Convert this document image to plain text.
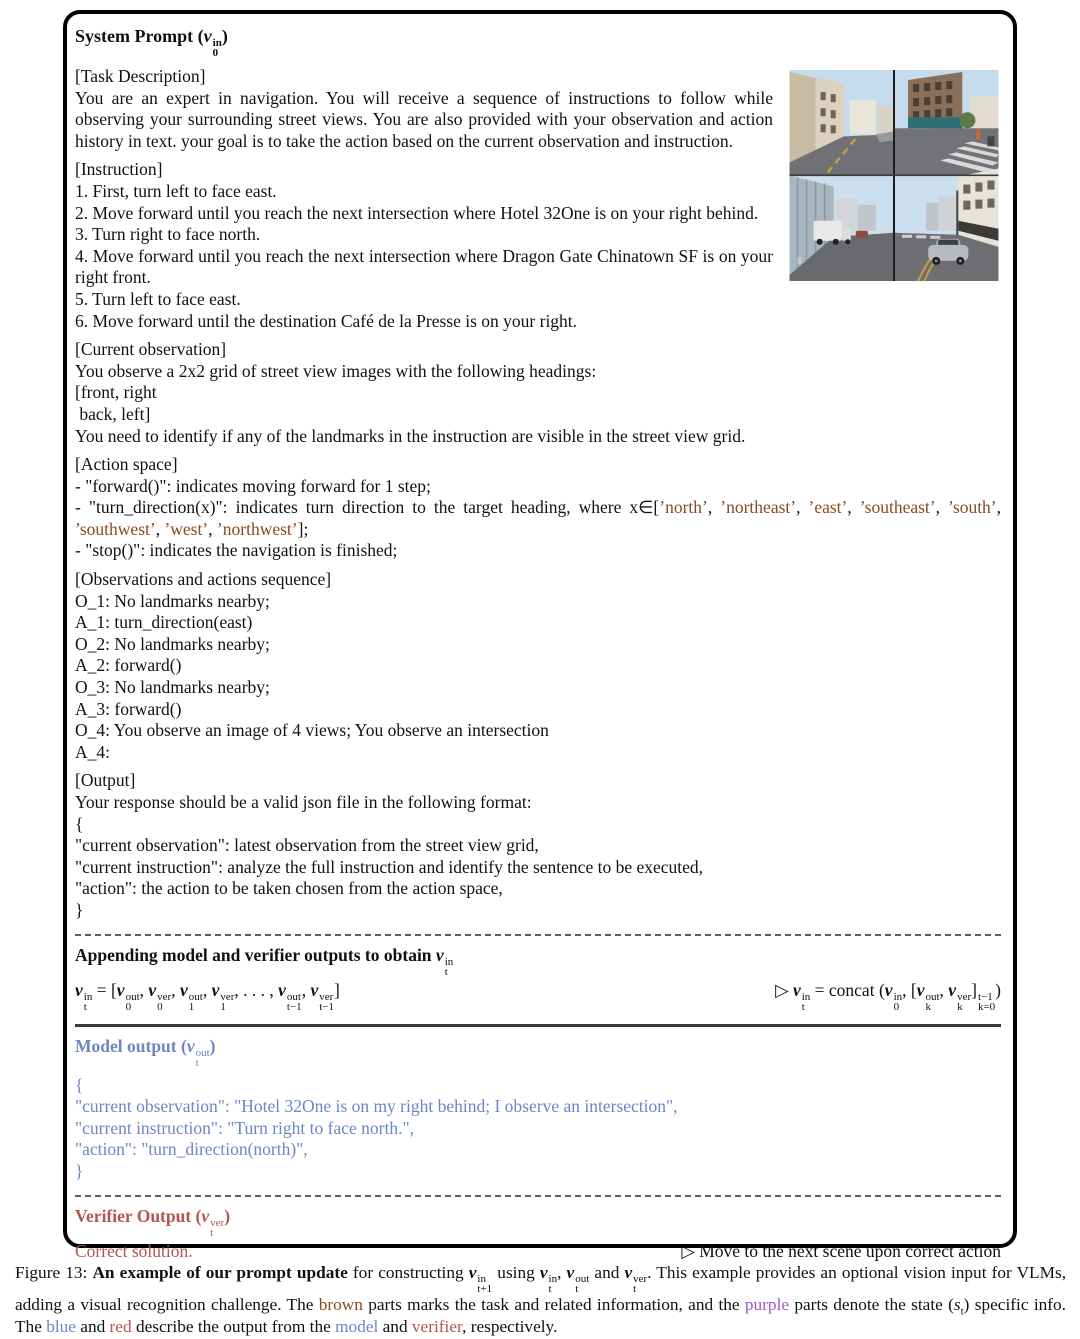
System Prompt (v in
0
)
[Task Description]
You are an expert in navigation. You will receive a sequence of instructions to follow while observing your surrounding street views. You are also provided with your observation and action history in text. your goal is to take the action based on the current observation and instruction.
[Instruction]
1. First, turn left to face east.
2. Move forward until you reach the next intersection where Hotel 32One is on your right behind.
3. Turn right to face north.
4. Move forward until you reach the next intersection where Dragon Gate Chinatown SF is on your right front.
5. Turn left to face east.
6. Move forward until the destination Café de la Presse is on your right.
[Current observation]
You observe a 2x2 grid of street view images with the following headings:
[front, right
back, left]
You need to identify if any of the landmarks in the instruction are visible in the street view grid.
[Action space]
- "forward()": indicates moving forward for 1 step;
- "turn_direction(x)": indicates turn direction to the target heading, where x∈[’north’, ’northeast’, ’east’, ’southeast’, ’south’, ’southwest’, ’west’, ’northwest’];
- "stop()": indicates the navigation is finished;
[Observations and actions sequence]
O_1: No landmarks nearby;
A_1: turn_direction(east)
O_2: No landmarks nearby;
A_2: forward()
O_3: No landmarks nearby;
A_3: forward()
O_4: You observe an image of 4 views; You observe an intersection
A_4:
[Output]
Your response should be a valid json file in the following format:
{
"current observation": latest observation from the street view grid,
"current instruction": analyze the full instruction and identify the sentence to be executed,
"action": the action to be taken chosen from the action space,
}
Appending model and verifier outputs to obtain v in
t
v in
t
= [v out
0
, v ver
0
, v out
1
, v ver
1
, . . . , v out
t−1
, v ver
t−1
]	▷ v in
t
= concat (v in
0
, [v out
k
, v ver
k
] t−1
k=0
)
Model output (v out
t
)
{
"current observation": "Hotel 32One is on my right behind; I observe an intersection",
"current instruction": "Turn right to face north.",
"action": "turn_direction(north)",
}
Verifier Output (v ver
t
)
Correct solution.	▷ Move to the next scene upon correct action
Figure 13: An example of our prompt update for constructing v in
t+1
using v in
t
, v out
t
and v ver
t
. This example provides an optional vision input for VLMs, adding a visual recognition challenge. The brown parts marks the task and related information, and the purple parts denote the state $(s_t)$ specific info. The blue and red describe the output from the model and verifier, respectively.
